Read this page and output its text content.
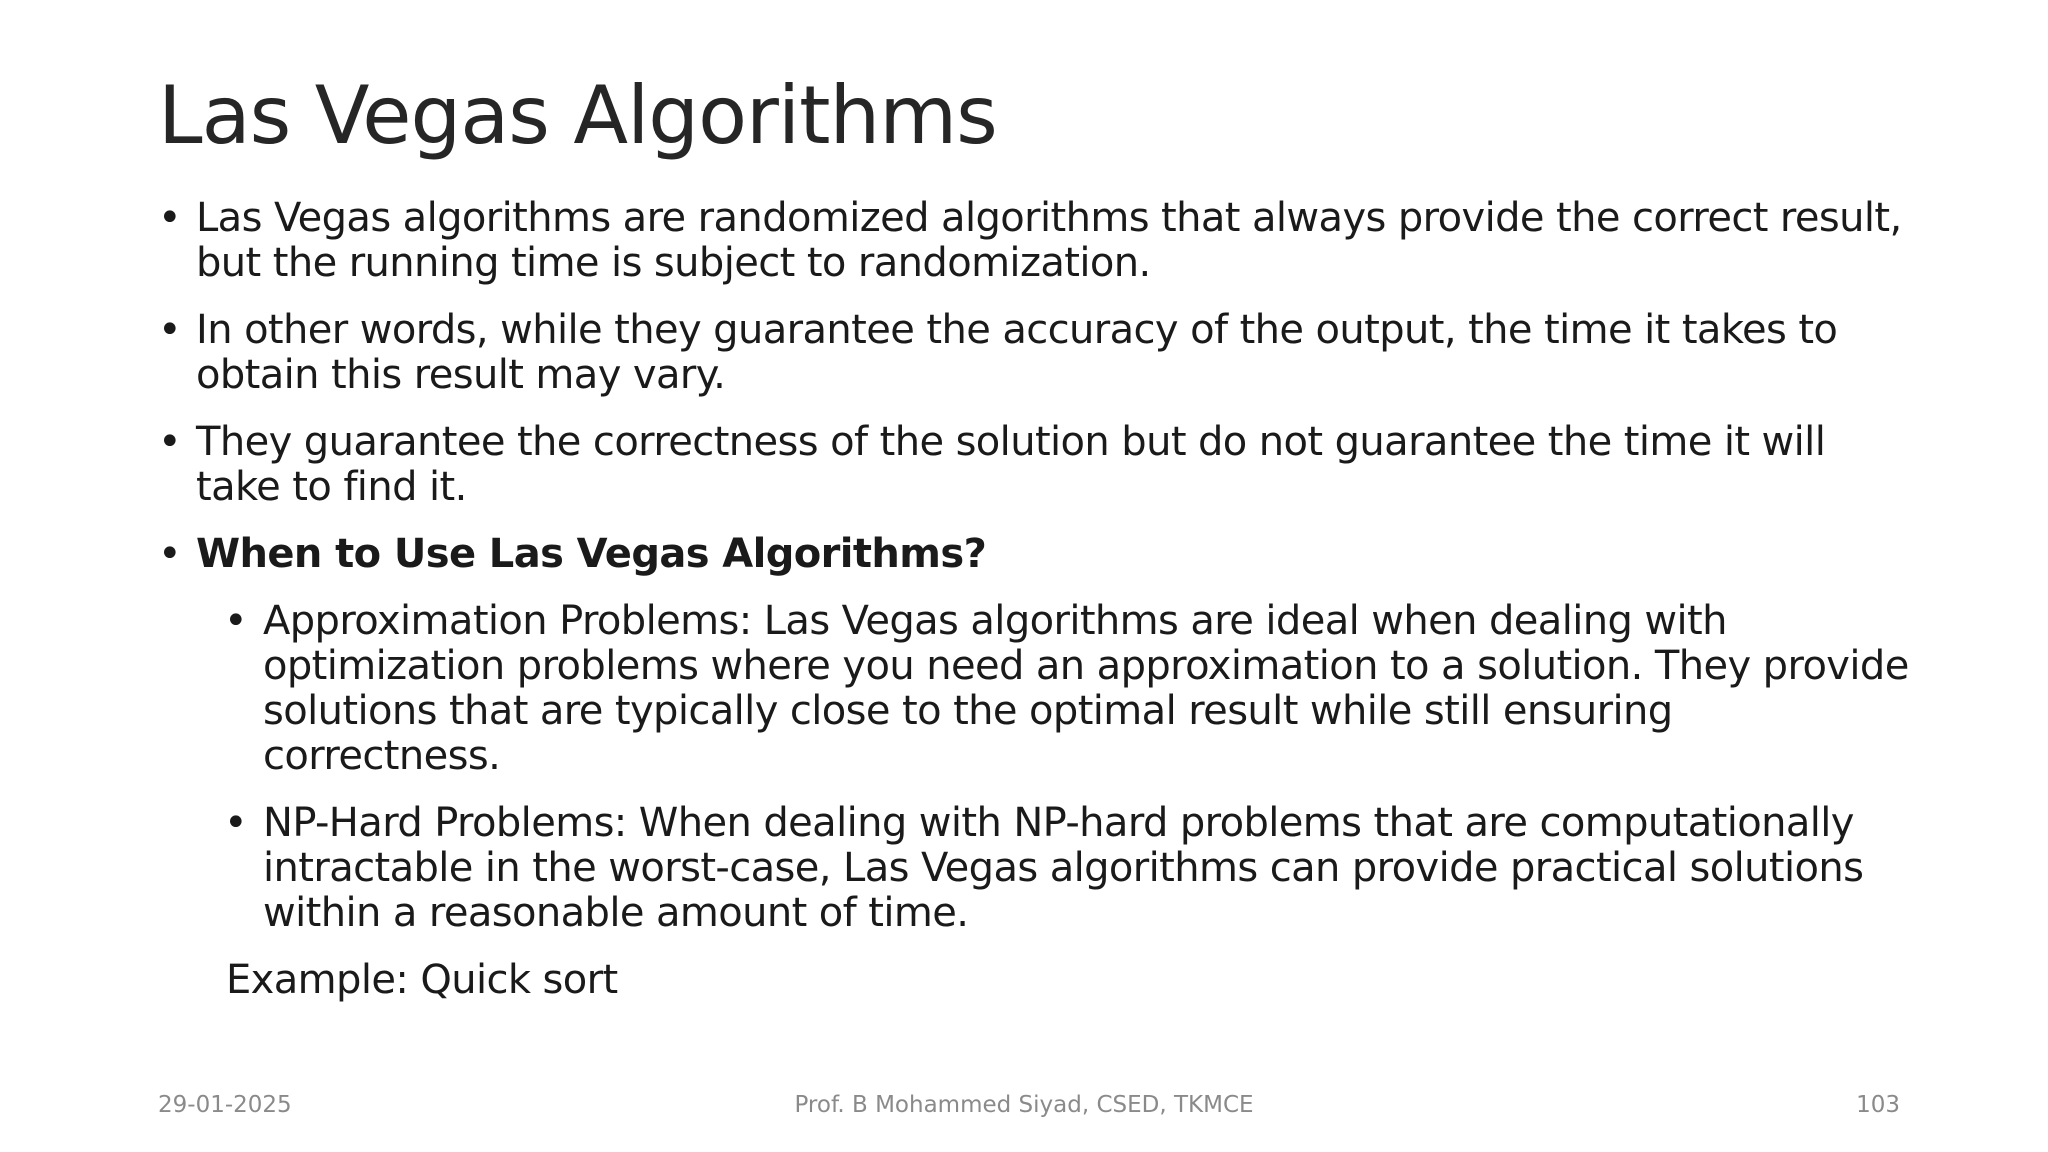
Las Vegas Algorithms
• Las Vegas algorithms are randomized algorithms that always provide the correct result, but the running time is subject to randomization.
• In other words, while they guarantee the accuracy of the output, the time it takes to obtain this result may vary.
• They guarantee the correctness of the solution but do not guarantee the time it will take to find it.
• When to Use Las Vegas Algorithms?
• Approximation Problems: Las Vegas algorithms are ideal when dealing with optimization problems where you need an approximation to a solution. They provide solutions that are typically close to the optimal result while still ensuring correctness.
• NP-Hard Problems: When dealing with NP-hard problems that are computationally intractable in the worst-case, Las Vegas algorithms can provide practical solutions within a reasonable amount of time.
Example: Quick sort
29-01-2025	Prof. B Mohammed Siyad, CSED, TKMCE	103
